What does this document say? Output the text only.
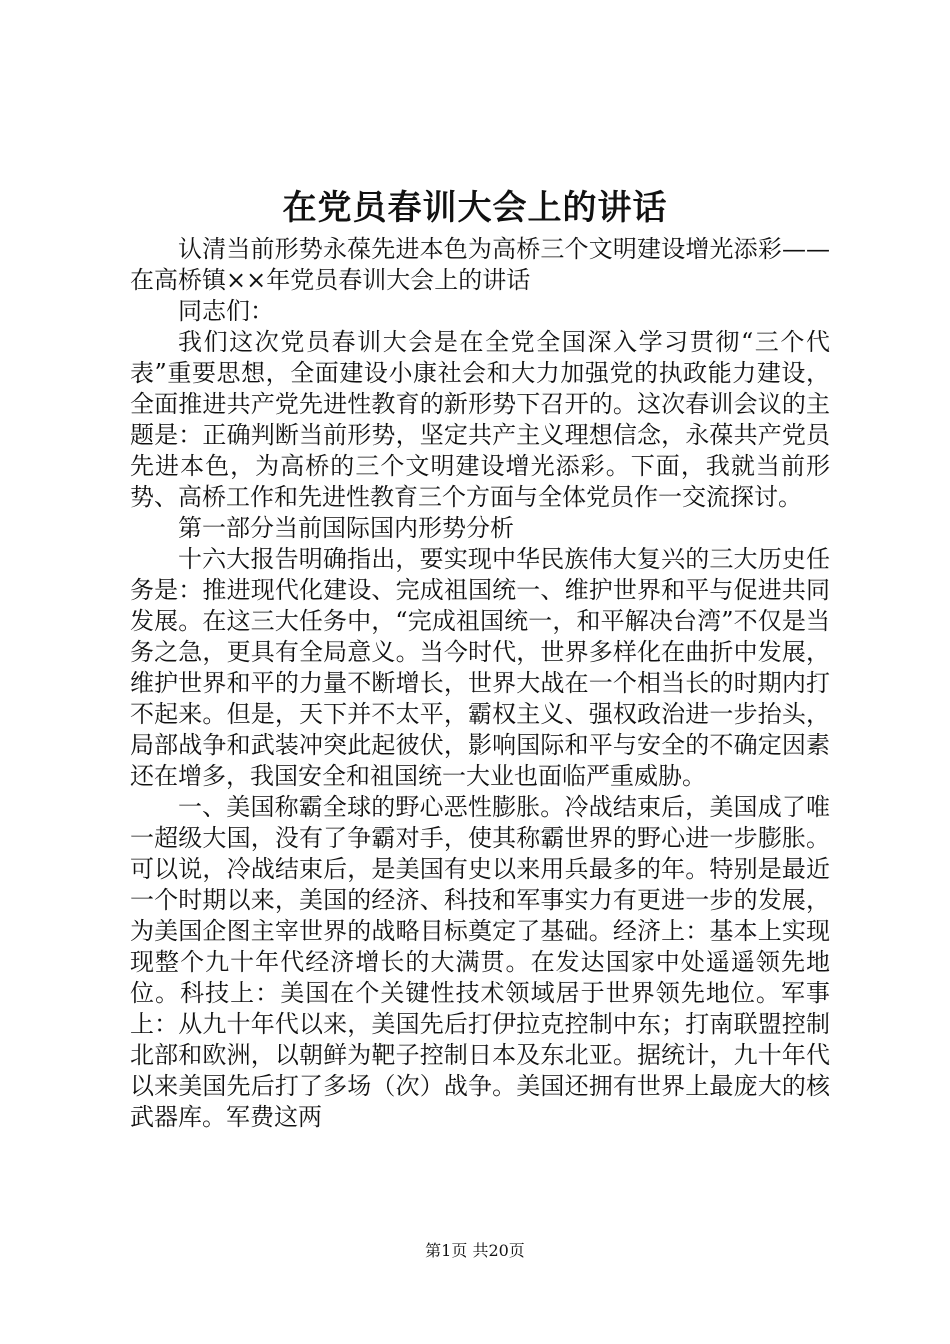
在党员春训大会上的讲话

认清当前形势永葆先进本色为高桥三个文明建设增光添彩——在高桥镇××年党员春训大会上的讲话

同志们：

我们这次党员春训大会是在全党全国深入学习贯彻“三个代表”重要思想，全面建设小康社会和大力加强党的执政能力建设，全面推进共产党先进性教育的新形势下召开的。这次春训会议的主题是：正确判断当前形势，坚定共产主义理想信念，永葆共产党员先进本色，为高桥的三个文明建设增光添彩。下面，我就当前形势、高桥工作和先进性教育三个方面与全体党员作一交流探讨。

第一部分当前国际国内形势分析

十六大报告明确指出，要实现中华民族伟大复兴的三大历史任务是：推进现代化建设、完成祖国统一、维护世界和平与促进共同发展。在这三大任务中，“完成祖国统一，和平解决台湾”不仅是当务之急，更具有全局意义。当今时代，世界多样化在曲折中发展，维护世界和平的力量不断增长，世界大战在一个相当长的时期内打不起来。但是，天下并不太平，霸权主义、强权政治进一步抬头，局部战争和武装冲突此起彼伏，影响国际和平与安全的不确定因素还在增多，我国安全和祖国统一大业也面临严重威胁。

一、美国称霸全球的野心恶性膨胀。冷战结束后，美国成了唯一超级大国，没有了争霸对手，使其称霸世界的野心进一步膨胀。可以说，冷战结束后，是美国有史以来用兵最多的年。特别是最近一个时期以来，美国的经济、科技和军事实力有更进一步的发展，为美国企图主宰世界的战略目标奠定了基础。经济上：基本上实现现整个九十年代经济增长的大满贯。在发达国家中处遥遥领先地位。科技上：美国在个关键性技术领域居于世界领先地位。军事上：从九十年代以来，美国先后打伊拉克控制中东；打南联盟控制北部和欧洲，以朝鲜为靶子控制日本及东北亚。据统计，九十年代以来美国先后打了多场（次）战争。美国还拥有世界上最庞大的核武器库。军费这两

第1页 共20页
